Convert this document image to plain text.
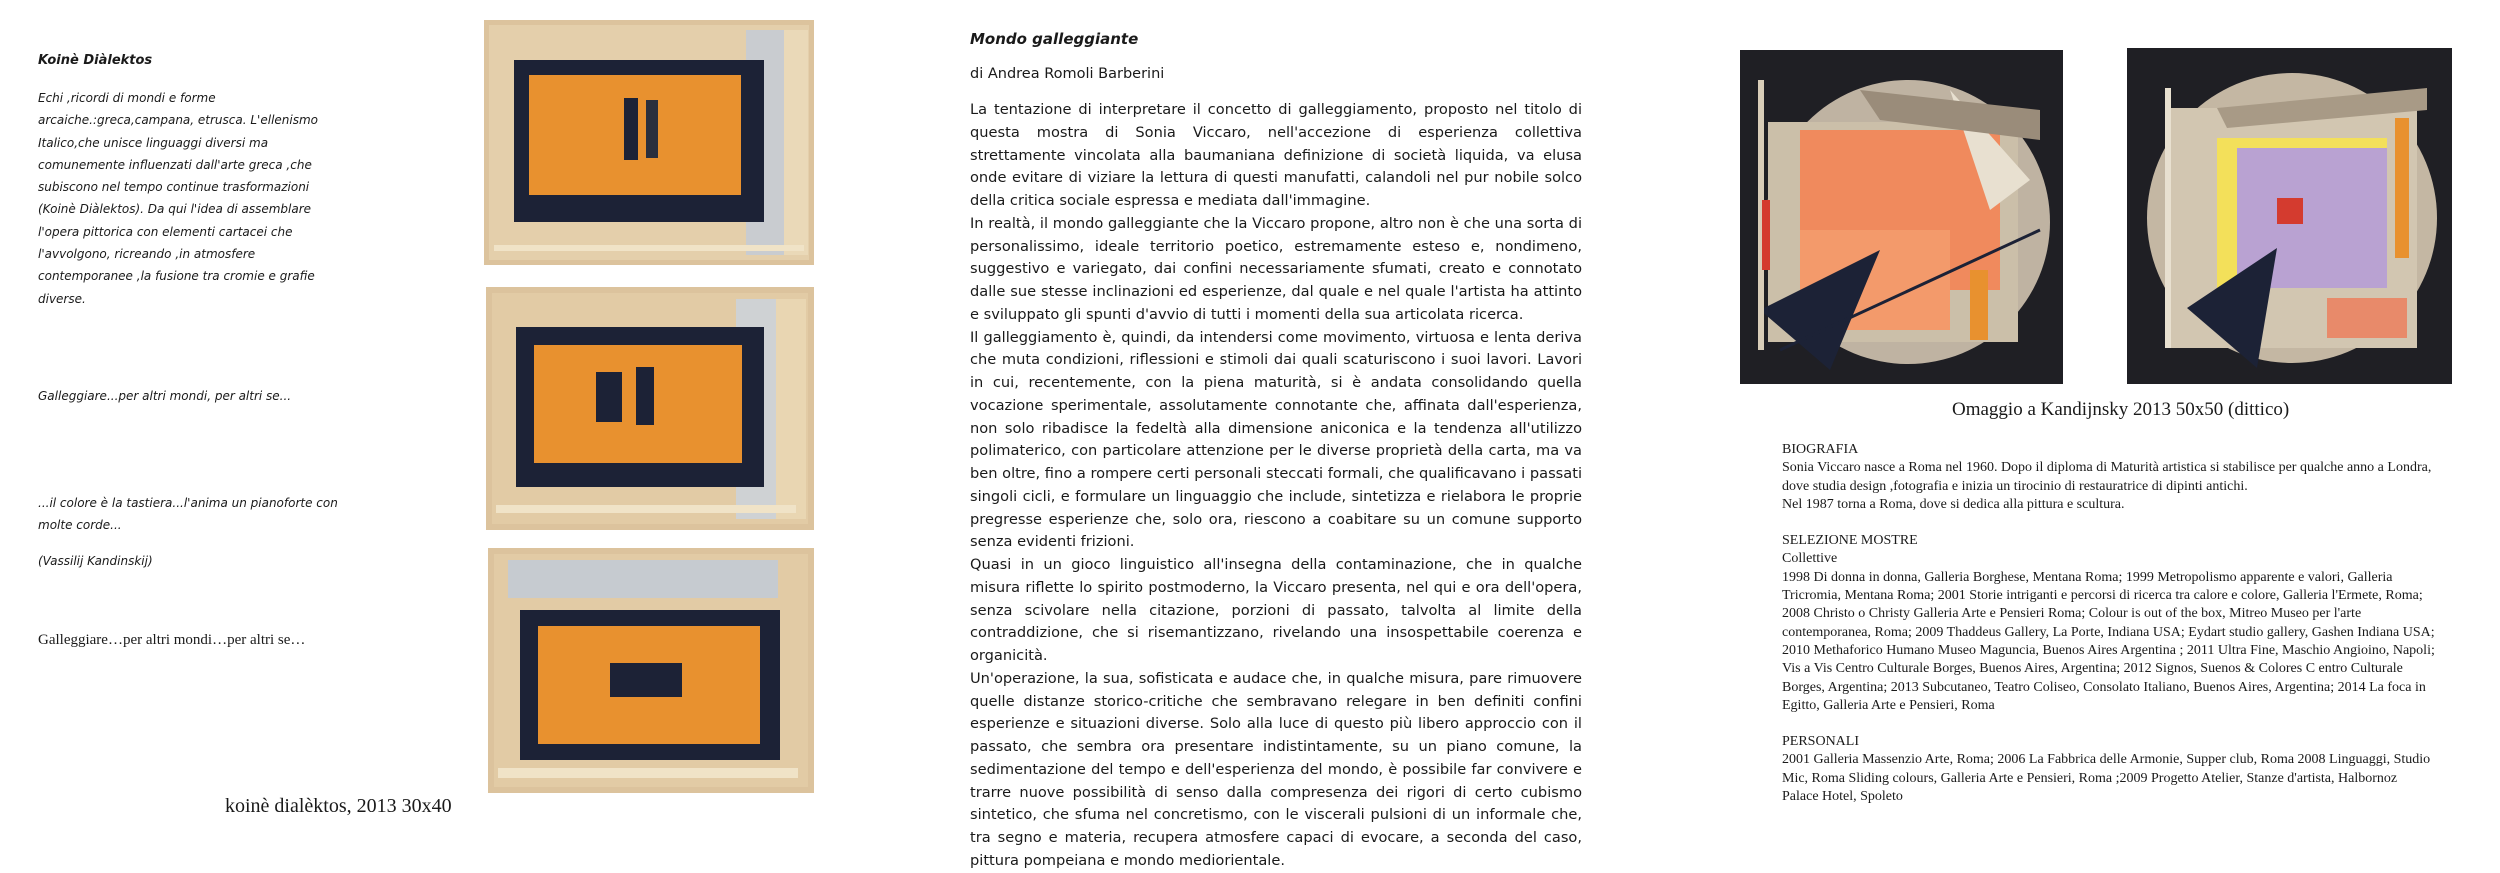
Koinè Diàlektos
Echi ,ricordi di mondi e forme
arcaiche.:greca,campana, etrusca. L'ellenismo
Italico,che unisce linguaggi diversi ma
comunemente influenzati dall'arte greca ,che
subiscono nel tempo continue trasformazioni
(Koinè Diàlektos). Da qui l'idea di assemblare
l'opera pittorica con elementi cartacei che
l'avvolgono, ricreando ,in atmosfere
contemporanee ,la fusione tra cromie e grafie
diverse.
Galleggiare...per altri mondi, per altri se...
...il colore è la tastiera...l'anima un pianoforte con
molte corde...
(Vassilij Kandinskij)
Galleggiare…per altri mondi…per altri se…
koinè dialèktos, 2013 30x40
Mondo galleggiante
di Andrea Romoli Barberini

La tentazione di interpretare il concetto di galleggiamento, proposto nel titolo di questa mostra di Sonia Viccaro, nell'accezione di esperienza collettiva strettamente vincolata alla baumaniana definizione di società liquida, va elusa onde evitare di viziare la lettura di questi manufatti, calandoli nel pur nobile solco della critica sociale espressa e mediata dall'immagine.

In realtà, il mondo galleggiante che la Viccaro propone, altro non è che una sorta di personalissimo, ideale territorio poetico, estremamente esteso e, nondimeno, suggestivo e variegato, dai confini necessariamente sfumati, creato e connotato dalle sue stesse inclinazioni ed esperienze, dal quale e nel quale l'artista ha attinto e sviluppato gli spunti d'avvio di tutti i momenti della sua articolata ricerca.

Il galleggiamento è, quindi, da intendersi come movimento, virtuosa e lenta deriva che muta condizioni, riflessioni e stimoli dai quali scaturiscono i suoi lavori. Lavori in cui, recentemente, con la piena maturità, si è andata consolidando quella vocazione sperimentale, assolutamente connotante che, affinata dall'esperienza, non solo ribadisce la fedeltà alla dimensione aniconica e la tendenza all'utilizzo polimaterico, con particolare attenzione per le diverse proprietà della carta, ma va ben oltre, fino a rompere certi personali steccati formali, che qualificavano i passati singoli cicli, e formulare un linguaggio che include, sintetizza e rielabora le proprie pregresse esperienze che, solo ora, riescono a coabitare su un comune supporto senza evidenti frizioni.

Quasi in un gioco linguistico all'insegna della contaminazione, che in qualche misura riflette lo spirito postmoderno, la Viccaro presenta, nel qui e ora dell'opera, senza scivolare nella citazione, porzioni di passato, talvolta al limite della contraddizione, che si risemantizzano, rivelando una insospettabile coerenza e organicità.

Un'operazione, la sua, sofisticata e audace che, in qualche misura, pare rimuovere quelle distanze storico-critiche che sembravano relegare in ben definiti confini esperienze e situazioni diverse. Solo alla luce di questo più libero approccio con il passato, che sembra ora presentare indistintamente, su un piano comune, la sedimentazione del tempo e dell'esperienza del mondo, è possibile far convivere e trarre nuove possibilità di senso dalla compresenza dei rigori di certo cubismo sintetico, che sfuma nel concretismo, con le viscerali pulsioni di un informale che, tra segno e materia, recupera atmosfere capaci di evocare, a seconda del caso, pittura pompeiana e mondo mediorientale.

Omaggio a Kandijnsky 2013 50x50 (dittico)
BIOGRAFIA
Sonia Viccaro nasce a Roma nel 1960. Dopo il diploma di Maturità artistica si stabilisce per qualche anno a Londra,
dove studia design ,fotografia e inizia un tirocinio di restauratrice di dipinti antichi.
Nel 1987 torna a Roma, dove si dedica alla pittura e scultura.
SELEZIONE MOSTRE
Collettive
1998 Di donna in donna, Galleria Borghese, Mentana Roma; 1999 Metropolismo apparente e valori, Galleria
Tricromia, Mentana Roma; 2001 Storie intriganti e percorsi di ricerca tra calore e colore, Galleria l'Ermete, Roma;
2008 Christo o Christy Galleria Arte e Pensieri Roma; Colour is out of the box, Mitreo Museo per l'arte
contemporanea, Roma; 2009 Thaddeus Gallery, La Porte, Indiana USA; Eydart studio gallery, Gashen Indiana USA;
2010 Methaforico Humano Museo Magunсia, Buenos Aires Argentina ; 2011 Ultra Fine, Maschio Angioino, Napoli;
Vis a Vis Centro Culturale Borges, Buenos Aires, Argentina; 2012 Signos, Suenos & Colores C entro Culturale
Borges, Argentina; 2013 Subcutaneo, Teatro Coliseo, Consolato Italiano, Buenos Aires, Argentina; 2014 La foca in
Egitto, Galleria Arte e Pensieri, Roma
PERSONALI
2001 Galleria Massenzio Arte, Roma; 2006 La Fabbrica delle Armonie, Supper club, Roma 2008 Linguaggi, Studio
Mic, Roma Sliding colours, Galleria Arte e Pensieri, Roma ;2009 Progetto Atelier, Stanze d'artista, Halbornoz
Palace Hotel, Spoleto
